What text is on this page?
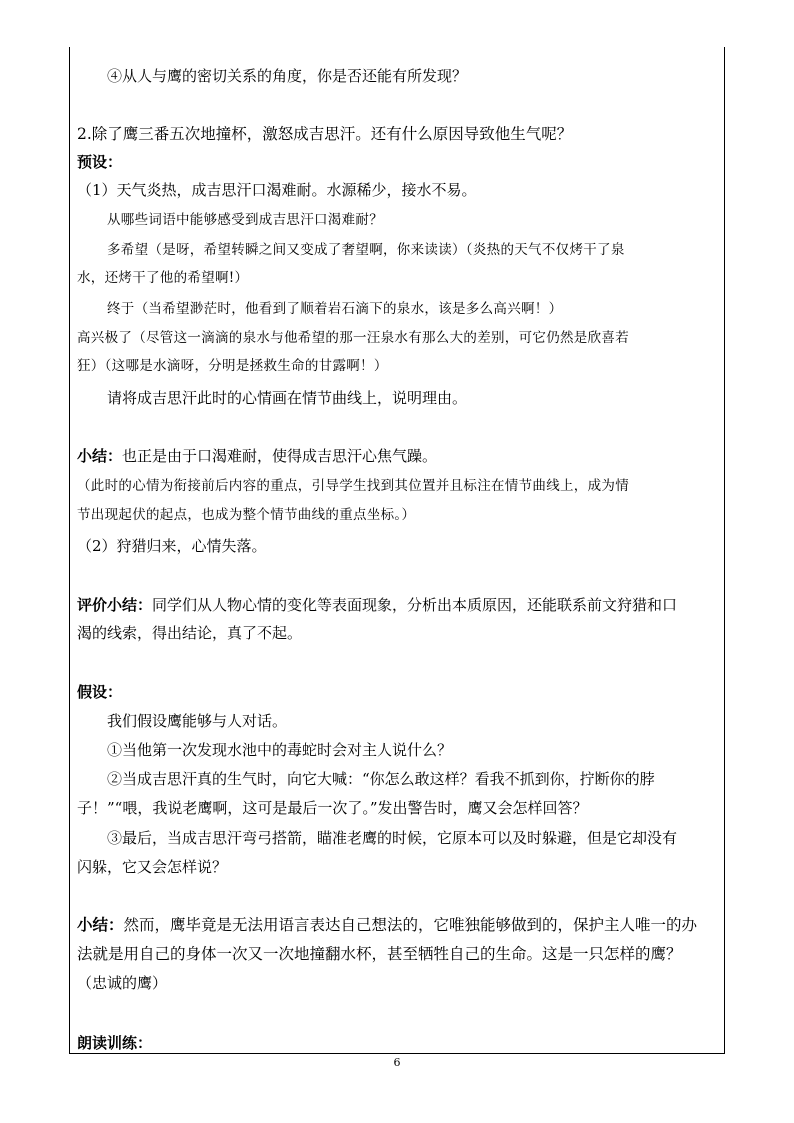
④从人与鹰的密切关系的角度，你是否还能有所发现？
2.除了鹰三番五次地撞杯，激怒成吉思汗。还有什么原因导致他生气呢？
预设：
（1）天气炎热，成吉思汗口渴难耐。水源稀少，接水不易。
从哪些词语中能够感受到成吉思汗口渴难耐？
多希望（是呀，希望转瞬之间又变成了奢望啊，你来读读）（炎热的天气不仅烤干了泉
水，还烤干了他的希望啊!）
终于（当希望渺茫时，他看到了顺着岩石滴下的泉水，该是多么高兴啊！）
高兴极了（尽管这一滴滴的泉水与他希望的那一汪泉水有那么大的差别，可它仍然是欣喜若
狂）（这哪是水滴呀，分明是拯救生命的甘露啊！）
请将成吉思汗此时的心情画在情节曲线上，说明理由。
小结：也正是由于口渴难耐，使得成吉思汗心焦气躁。
（此时的心情为衔接前后内容的重点，引导学生找到其位置并且标注在情节曲线上，成为情
节出现起伏的起点，也成为整个情节曲线的重点坐标。）
（2）狩猎归来，心情失落。
评价小结：同学们从人物心情的变化等表面现象，分析出本质原因，还能联系前文狩猎和口
渴的线索，得出结论，真了不起。
假设：
我们假设鹰能够与人对话。
①当他第一次发现水池中的毒蛇时会对主人说什么？
②当成吉思汗真的生气时，向它大喊：“你怎么敢这样？看我不抓到你，拧断你的脖
子！”“喂，我说老鹰啊，这可是最后一次了。”发出警告时，鹰又会怎样回答？
③最后，当成吉思汗弯弓搭箭，瞄准老鹰的时候，它原本可以及时躲避，但是它却没有
闪躲，它又会怎样说？
小结：然而，鹰毕竟是无法用语言表达自己想法的，它唯独能够做到的，保护主人唯一的办
法就是用自己的身体一次又一次地撞翻水杯，甚至牺牲自己的生命。这是一只怎样的鹰？
（忠诚的鹰）
朗读训练：
6
